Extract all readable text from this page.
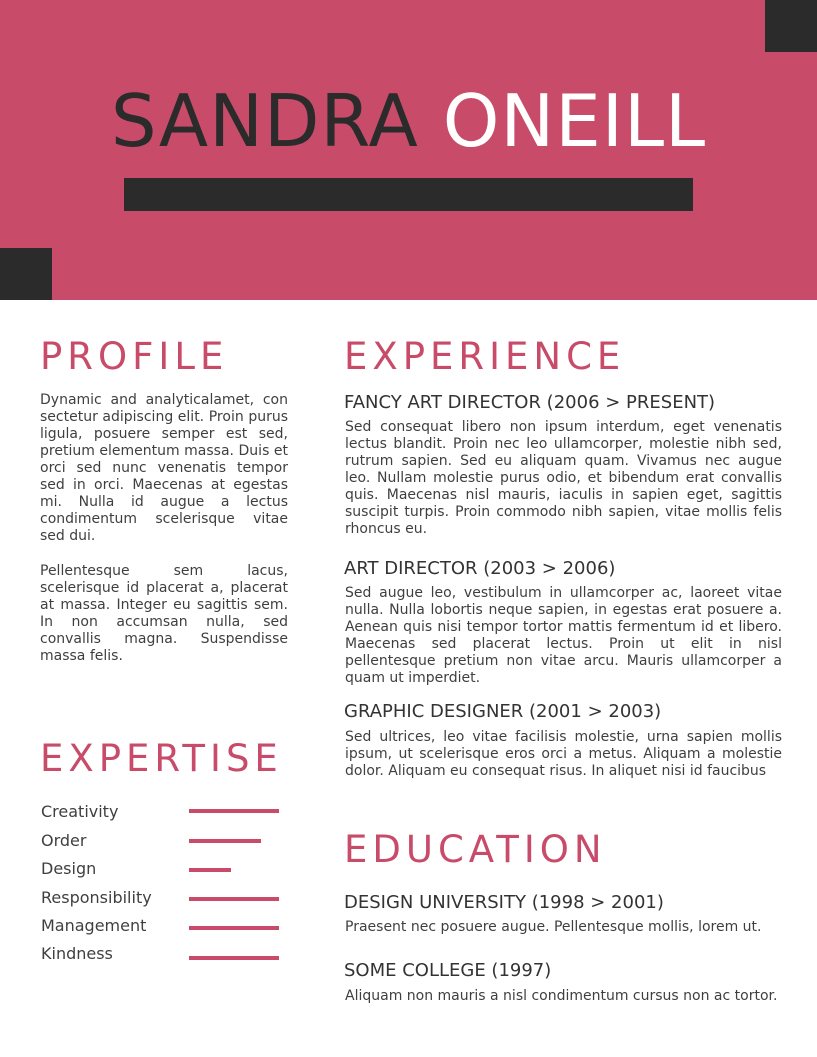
SANDRA ONEILL
PROFILE

Dynamic and analyticalamet, con sectetur adipiscing elit. Proin purus ligula, posuere semper est sed, pretium elementum massa. Duis et orci sed nunc venenatis tempor sed in orci. Maecenas at egestas mi. Nulla id augue a lectus condimentum scelerisque vitae sed dui.

Pellentesque sem lacus, scelerisque id placerat a, placerat at massa. Integer eu sagittis sem. In non accumsan nulla, sed convallis magna. Suspendisse massa felis.

EXPERTISE
Creativity
Order
Design
Responsibility
Management
Kindness
EXPERIENCE
FANCY ART DIRECTOR (2006 > PRESENT)

Sed consequat libero non ipsum interdum, eget venenatis lectus blandit. Proin nec leo ullamcorper, molestie nibh sed, rutrum sapien. Sed eu aliquam quam. Vivamus nec augue leo. Nullam molestie purus odio, et bibendum erat convallis quis. Maecenas nisl mauris, iaculis in sapien eget, sagittis suscipit turpis. Proin commodo nibh sapien, vitae mollis felis rhoncus eu.

ART DIRECTOR (2003 > 2006)

Sed augue leo, vestibulum in ullamcorper ac, laoreet vitae nulla. Nulla lobortis neque sapien, in egestas erat posuere a. Aenean quis nisi tempor tortor mattis fermentum id et libero. Maecenas sed placerat lectus. Proin ut elit in nisl pellentesque pretium non vitae arcu. Mauris ullamcorper a quam ut imperdiet.

GRAPHIC DESIGNER (2001 > 2003)

Sed ultrices, leo vitae facilisis molestie, urna sapien mollis ipsum, ut scelerisque eros orci a metus. Aliquam a molestie dolor. Aliquam eu consequat risus. In aliquet nisi id faucibus

EDUCATION
DESIGN UNIVERSITY (1998 > 2001)

Praesent nec posuere augue. Pellentesque mollis, lorem ut.

SOME COLLEGE (1997)

Aliquam non mauris a nisl condimentum cursus non ac tortor.
